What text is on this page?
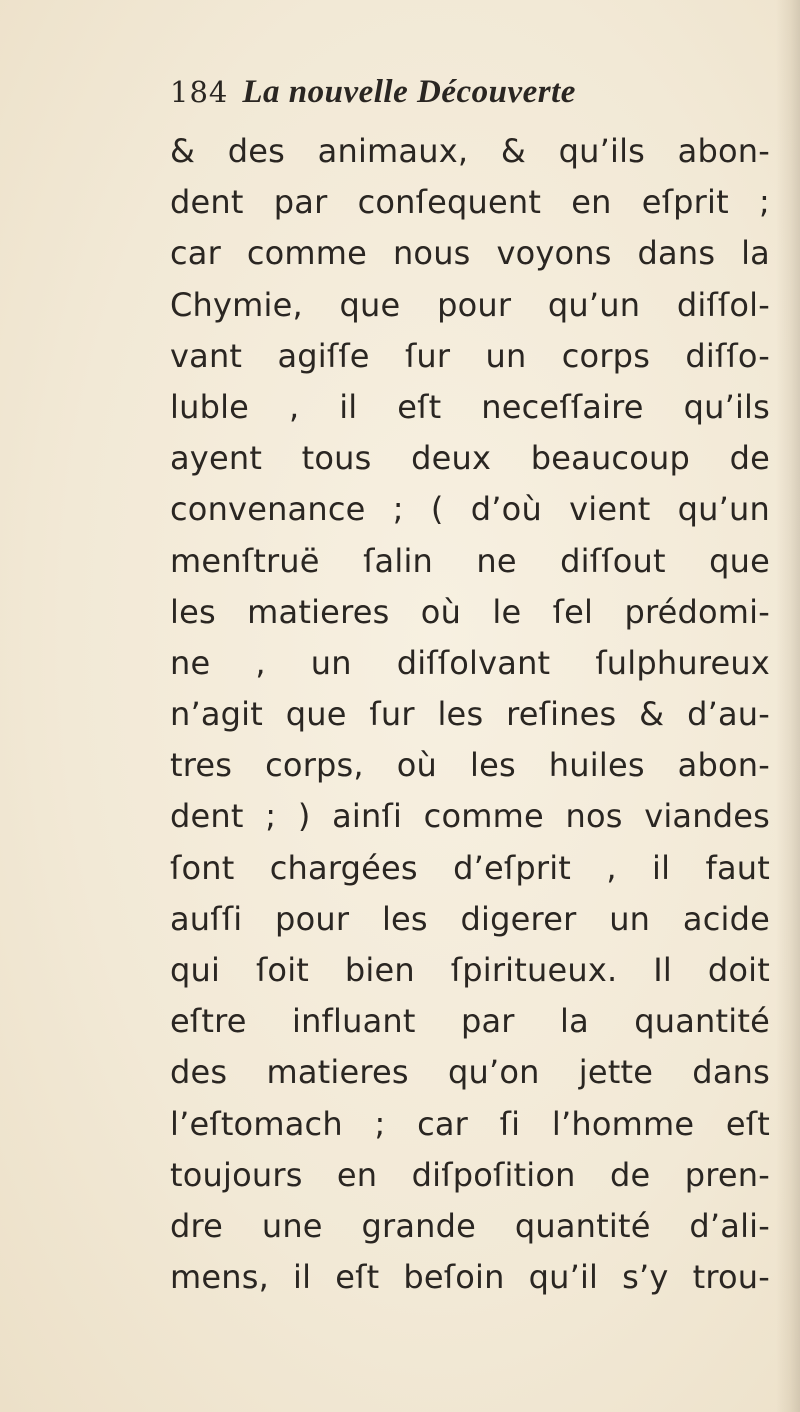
184 La nouvelle Découverte
& des animaux, & qu’ils abon-
dent par conſequent en eſprit ;
car comme nous voyons dans la
Chymie, que pour qu’un diſſol-
vant agiſſe ſur un corps diſſo-
luble , il eſt neceſſaire qu’ils
ayent tous deux beaucoup de
convenance ; ( d’où vient qu’un
menſtruë ſalin ne diſſout que
les matieres où le ſel prédomi-
ne , un diſſolvant ſulphureux
n’agit que ſur les reſines & d’au-
tres corps, où les huiles abon-
dent ; ) ainſi comme nos viandes
ſont chargées d’eſprit , il faut
auſſi pour les digerer un acide
qui ſoit bien ſpiritueux. Il doit
eſtre influant par la quantité
des matieres qu’on jette dans
l’eſtomach ; car ſi l’homme eſt
toujours en diſpoſition de pren-
dre une grande quantité d’ali-
mens, il eſt beſoin qu’il s’y trou-
